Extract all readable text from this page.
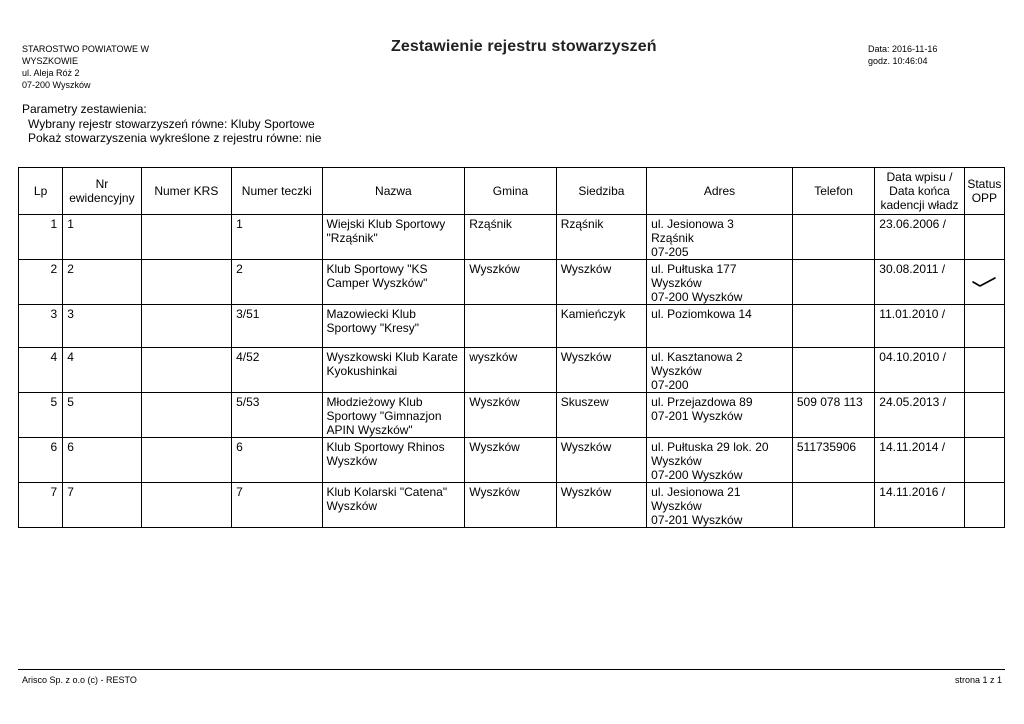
STAROSTWO POWIATOWE W
WYSZKOWIE
ul. Aleja Róż 2
07-200 Wyszków
Zestawienie rejestru stowarzyszeń	Data: 2016-11-16
godz. 10:46:04
Parametry zestawienia:
Wybrany rejestr stowarzyszeń równe: Kluby Sportowe
Pokaż stowarzyszenia wykreślone z rejestru równe: nie
Lp	Nr ewidencyjny	Numer KRS	Numer teczki	Nazwa	Gmina	Siedziba	Adres	Telefon	Data wpisu / Data końca kadencji władz	Status OPP
1	1		1	Wiejski Klub Sportowy "Rząśnik"	Rząśnik	Rząśnik	ul. Jesionowa 3
Rząśnik
07-205		23.06.2006 /	
2	2		2	Klub Sportowy "KS Camper Wyszków"	Wyszków	Wyszków	ul. Pułtuska 177
Wyszków
07-200 Wyszków		30.08.2011 /	

3	3		3/51	Mazowiecki Klub Sportowy "Kresy"		Kamieńczyk	ul. Poziomkowa 14		11.01.2010 /	
4	4		4/52	Wyszkowski Klub Karate Kyokushinkai	wyszków	Wyszków	ul. Kasztanowa 2
Wyszków
07-200		04.10.2010 /	
5	5		5/53	Młodzieżowy Klub Sportowy "Gimnazjon APIN Wyszków"	Wyszków	Skuszew	ul. Przejazdowa 89
07-201 Wyszków	509 078 113	24.05.2013 /	
6	6		6	Klub Sportowy Rhinos Wyszków	Wyszków	Wyszków	ul. Pułtuska 29 lok. 20
Wyszków
07-200 Wyszków	511735906	14.11.2014 /	
7	7		7	Klub Kolarski "Catena" Wyszków	Wyszków	Wyszków	ul. Jesionowa 21
Wyszków
07-201 Wyszków		14.11.2016 /	
Arisco Sp. z o.o (c) - RESTO	strona 1 z 1
